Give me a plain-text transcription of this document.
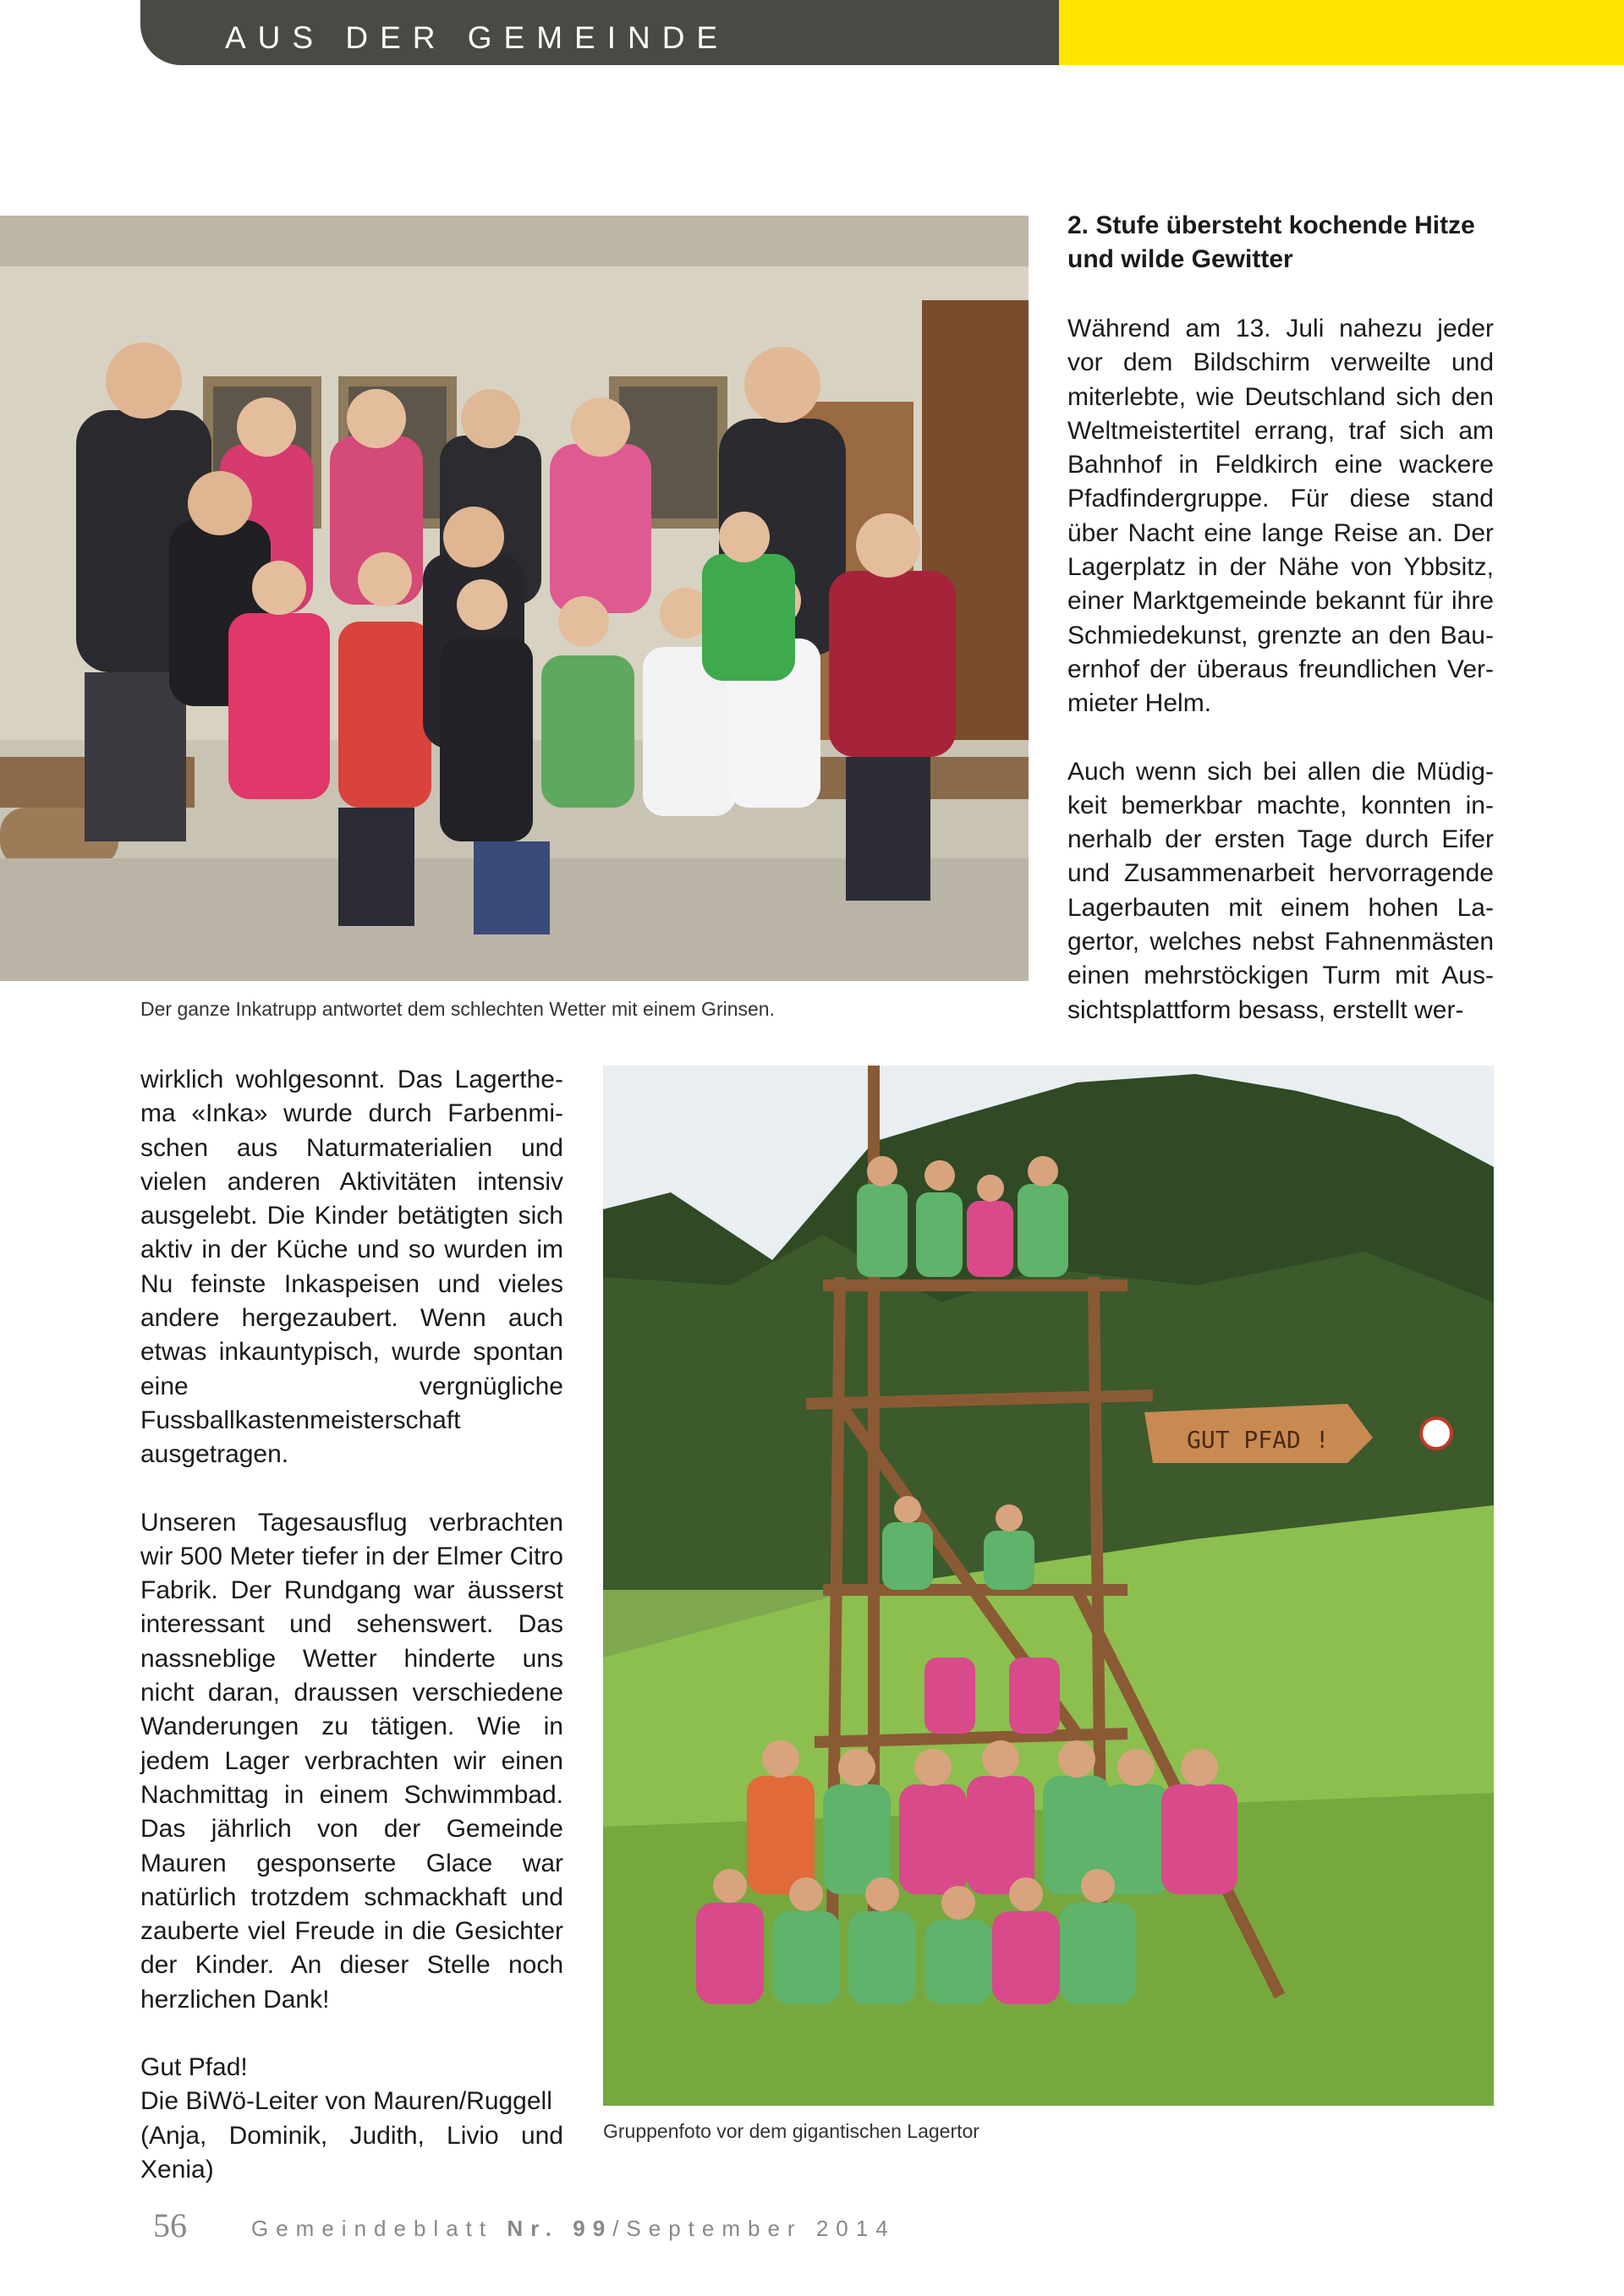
AUS DER GEMEINDE
Der ganze Inkatrupp antwortet dem schlechten Wetter mit einem Grinsen.
2. Stufe übersteht kochende Hitze und wilde Gewitter

Während am 13. Juli nahezu jeder vor dem Bildschirm verweilte und miterlebte, wie Deutschland sich den Weltmeistertitel errang, traf sich am Bahnhof in Feldkirch eine wackere Pfadfindergruppe. Für diese stand über Nacht eine lange Reise an. Der Lagerplatz in der Nähe von Ybbsitz, einer Marktgemeinde bekannt für ihre Schmiedekunst, grenzte an den Bauernhof der überaus freundlichen Vermieter Helm.

Auch wenn sich bei allen die Müdigkeit bemerkbar machte, konnten innerhalb der ersten Tage durch Eifer und Zusammenarbeit hervorragende Lagerbauten mit einem hohen Lagertor, welches nebst Fahnenmästen einen mehrstöckigen Turm mit Aussichtsplattform besass, erstellt wer-

wirklich wohlgesonnt. Das Lagerthema «Inka» wurde durch Farbenmischen aus Naturmaterialien und vielen anderen Aktivitäten intensiv ausgelebt. Die Kinder betätigten sich aktiv in der Küche und so wurden im Nu feinste Inkaspeisen und vieles andere hergezaubert. Wenn auch etwas inkauntypisch, wurde spontan eine vergnügliche Fussballkastenmeisterschaft ausgetragen.

Unseren Tagesausflug verbrachten wir 500 Meter tiefer in der Elmer Citro Fabrik. Der Rundgang war äusserst interessant und sehenswert. Das nassneblige Wetter hinderte uns nicht daran, draussen verschiedene Wanderungen zu tätigen. Wie in jedem Lager verbrachten wir einen Nachmittag in einem Schwimmbad. Das jährlich von der Gemeinde Mauren gesponserte Glace war natürlich trotzdem schmackhaft und zauberte viel Freude in die Gesichter der Kinder. An dieser Stelle noch herzlichen Dank!

Gut Pfad!
Die BiWö-Leiter von Mauren/Ruggell
(Anja, Dominik, Judith, Livio und Xenia)
GUT PFAD !
Gruppenfoto vor dem gigantischen Lagertor
56	Gemeindeblatt Nr. 99/September 2014
